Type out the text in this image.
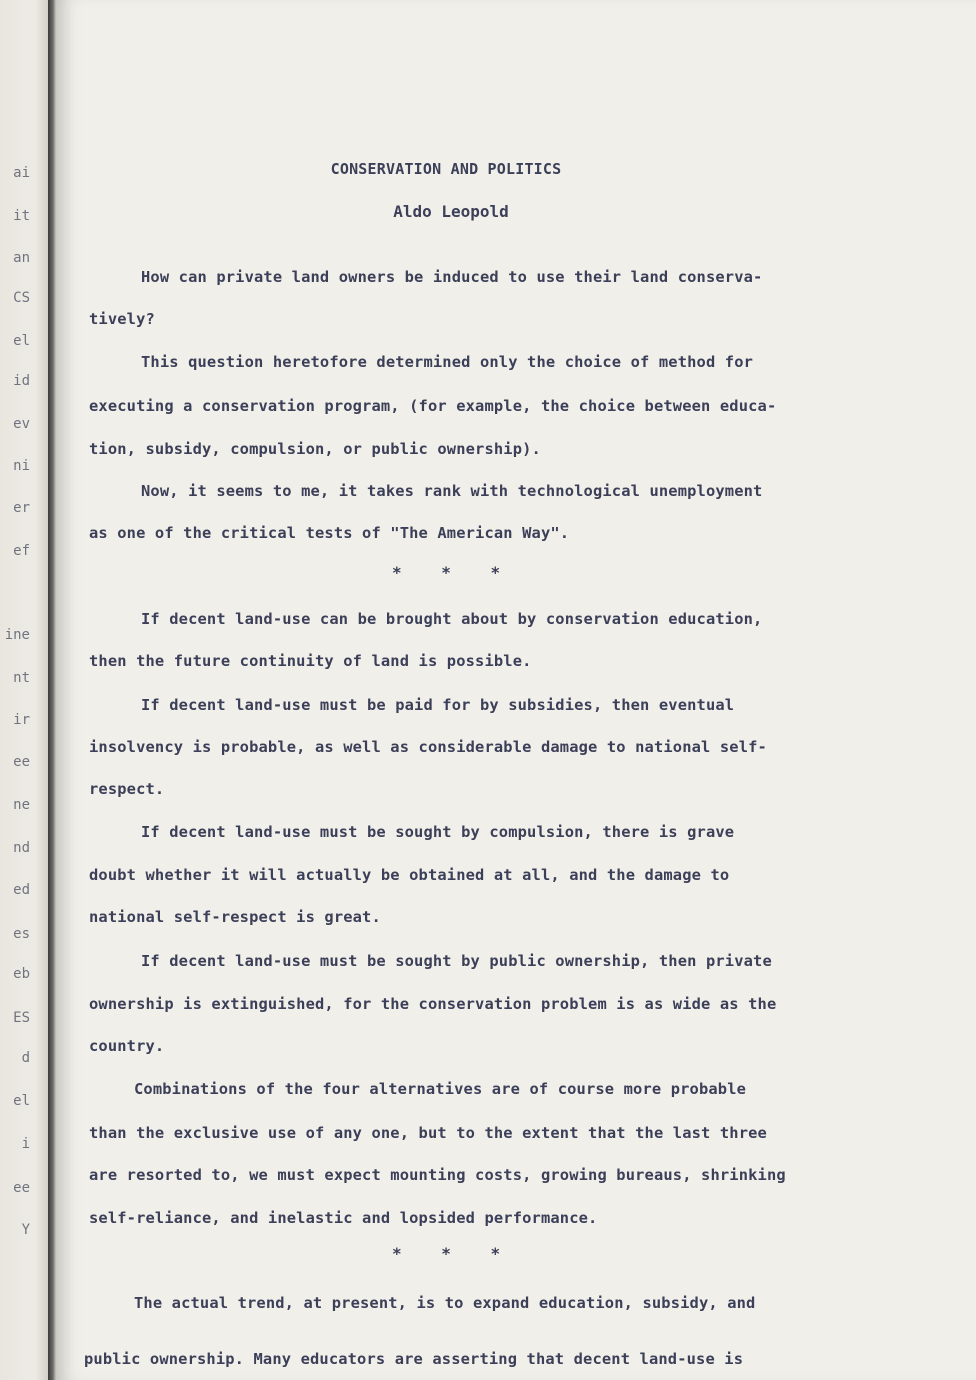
ai
it
an
CS
el
id
ev
ni
er
ef
ine
nt
ir
ee
ne
nd
ed
es
eb
ES
d
el
i
ee
Y
CONSERVATION AND POLITICS
Aldo Leopold
How can private land owners be induced to use their land conserva-
tively?
This question heretofore determined only the choice of method for
executing a conservation program, (for example, the choice between educa-
tion, subsidy, compulsion, or public ownership).
Now, it seems to me, it takes rank with technological unemployment
as one of the critical tests of "The American Way".
* * *
If decent land-use can be brought about by conservation education,
then the future continuity of land is possible.
If decent land-use must be paid for by subsidies, then eventual
insolvency is probable, as well as considerable damage to national self-
respect.
If decent land-use must be sought by compulsion, there is grave
doubt whether it will actually be obtained at all, and the damage to
national self-respect is great.
If decent land-use must be sought by public ownership, then private
ownership is extinguished, for the conservation problem is as wide as the
country.
Combinations of the four alternatives are of course more probable
than the exclusive use of any one, but to the extent that the last three
are resorted to, we must expect mounting costs, growing bureaus, shrinking
self-reliance, and inelastic and lopsided performance.
* * *
The actual trend, at present, is to expand education, subsidy, and
public ownership. Many educators are asserting that decent land-use is
